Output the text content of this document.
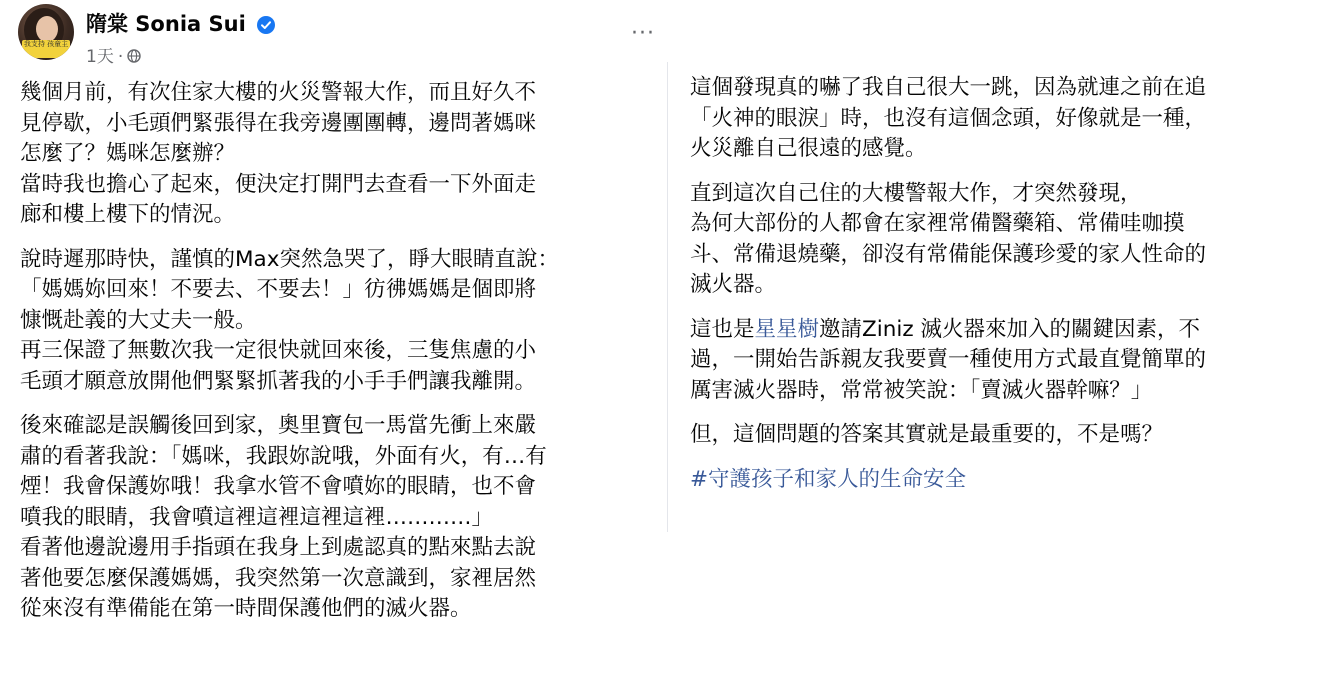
我支持 孩童主
隋棠 Sonia Sui
1天 ·
···

幾個月前，有次住家大樓的火災警報大作，而且好久不
見停歇，小毛頭們緊張得在我旁邊團團轉，邊問著媽咪
怎麼了？媽咪怎麼辦？
當時我也擔心了起來，便決定打開門去查看一下外面走
廊和樓上樓下的情況。

說時遲那時快，謹慎的Max突然急哭了，睜大眼睛直說：
「媽媽妳回來！不要去、不要去！」彷彿媽媽是個即將
慷慨赴義的大丈夫一般。
再三保證了無數次我一定很快就回來後，三隻焦慮的小
毛頭才願意放開他們緊緊抓著我的小手手們讓我離開。

後來確認是誤觸後回到家，奧里寶包一馬當先衝上來嚴
肅的看著我說：「媽咪，我跟妳說哦，外面有火，有…有
煙！我會保護妳哦！我拿水管不會噴妳的眼睛，也不會
噴我的眼睛，我會噴這裡這裡這裡這裡…………」
看著他邊說邊用手指頭在我身上到處認真的點來點去說
著他要怎麼保護媽媽，我突然第一次意識到，家裡居然
從來沒有準備能在第一時間保護他們的滅火器。

這個發現真的嚇了我自己很大一跳，因為就連之前在追
「火神的眼淚」時，也沒有這個念頭，好像就是一種，
火災離自己很遠的感覺。

直到這次自己住的大樓警報大作，才突然發現，
為何大部份的人都會在家裡常備醫藥箱、常備哇咖摸
斗、常備退燒藥，卻沒有常備能保護珍愛的家人性命的
滅火器。

這也是星星樹邀請Ziniz 滅火器來加入的關鍵因素，不
過，一開始告訴親友我要賣一種使用方式最直覺簡單的
厲害滅火器時，常常被笑說：「賣滅火器幹嘛？」

但，這個問題的答案其實就是最重要的，不是嗎？

#守護孩子和家人的生命安全
